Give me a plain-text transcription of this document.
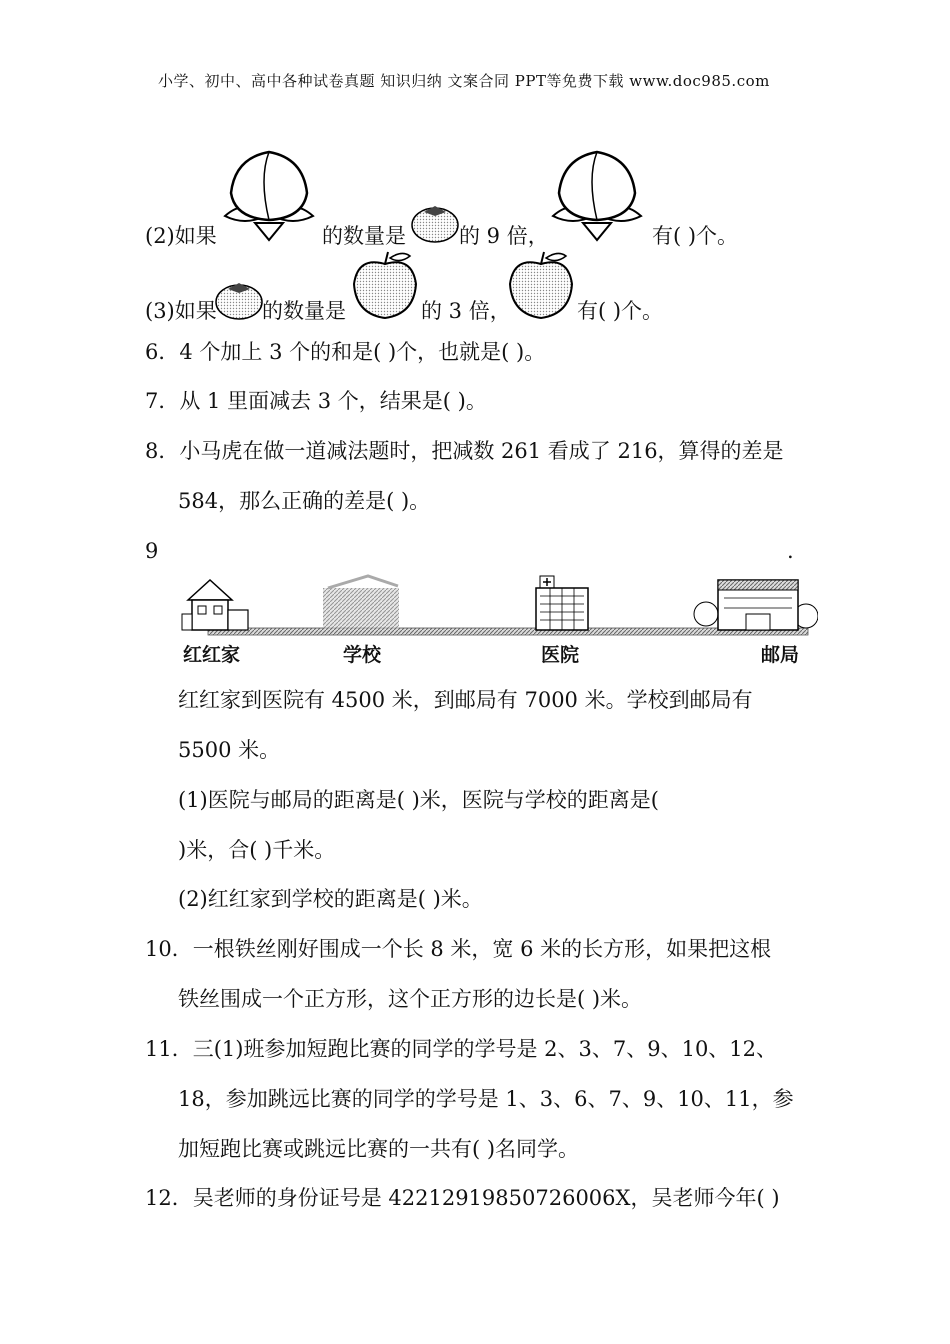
小学、初中、高中各种试卷真题 知识归纳 文案合同 PPT等免费下载 www.doc985.com
(2)如果	的数量是	的 9 倍，	有( )个。
(3)如果 的数量是	的 3 倍，	有( )个。
6．4 个加上 3 个的和是( )个，也就是( )。
7．从 1 里面减去 3 个，结果是( )。
8．小马虎在做一道减法题时，把减数 261 看成了 216，算得的差是
584，那么正确的差是( )。
9	.
红红家	学校	医院	邮局
红红家到医院有 4500 米，到邮局有 7000 米。学校到邮局有
5500 米。
(1)医院与邮局的距离是( )米，医院与学校的距离是(
)米，合( )千米。
(2)红红家到学校的距离是( )米。
10．一根铁丝刚好围成一个长 8 米，宽 6 米的长方形，如果把这根
铁丝围成一个正方形，这个正方形的边长是( )米。
11．三(1)班参加短跑比赛的同学的学号是 2、3、7、9、10、12、
18，参加跳远比赛的同学的学号是 1、3、6、7、9、10、11，参
加短跑比赛或跳远比赛的一共有( )名同学。
12．吴老师的身份证号是 42212919850726006X，吴老师今年( )
